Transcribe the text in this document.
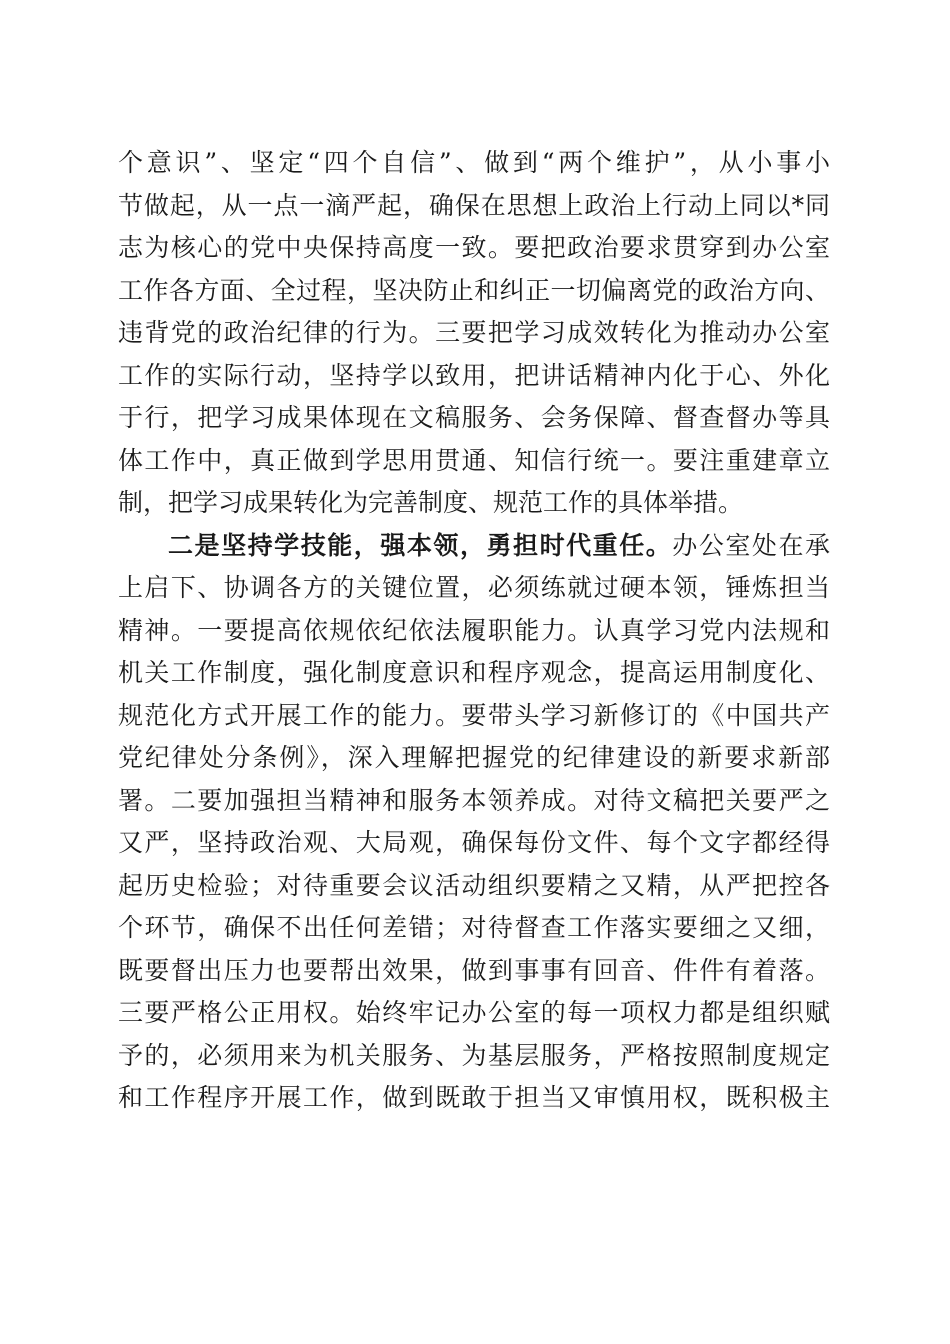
个意识”、坚定“四个自信”、做到“两个维护”，从小事小
节做起，从一点一滴严起，确保在思想上政治上行动上同以*同
志为核心的党中央保持高度一致。要把政治要求贯穿到办公室
工作各方面、全过程，坚决防止和纠正一切偏离党的政治方向、
违背党的政治纪律的行为。三要把学习成效转化为推动办公室
工作的实际行动，坚持学以致用，把讲话精神内化于心、外化
于行，把学习成果体现在文稿服务、会务保障、督查督办等具
体工作中，真正做到学思用贯通、知信行统一。要注重建章立
制，把学习成果转化为完善制度、规范工作的具体举措。
二是坚持学技能，强本领，勇担时代重任。办公室处在承
上启下、协调各方的关键位置，必须练就过硬本领，锤炼担当
精神。一要提高依规依纪依法履职能力。认真学习党内法规和
机关工作制度，强化制度意识和程序观念，提高运用制度化、
规范化方式开展工作的能力。要带头学习新修订的《中国共产
党纪律处分条例》，深入理解把握党的纪律建设的新要求新部
署。二要加强担当精神和服务本领养成。对待文稿把关要严之
又严，坚持政治观、大局观，确保每份文件、每个文字都经得
起历史检验；对待重要会议活动组织要精之又精，从严把控各
个环节，确保不出任何差错；对待督查工作落实要细之又细，
既要督出压力也要帮出效果，做到事事有回音、件件有着落。
三要严格公正用权。始终牢记办公室的每一项权力都是组织赋
予的，必须用来为机关服务、为基层服务，严格按照制度规定
和工作程序开展工作，做到既敢于担当又审慎用权，既积极主
